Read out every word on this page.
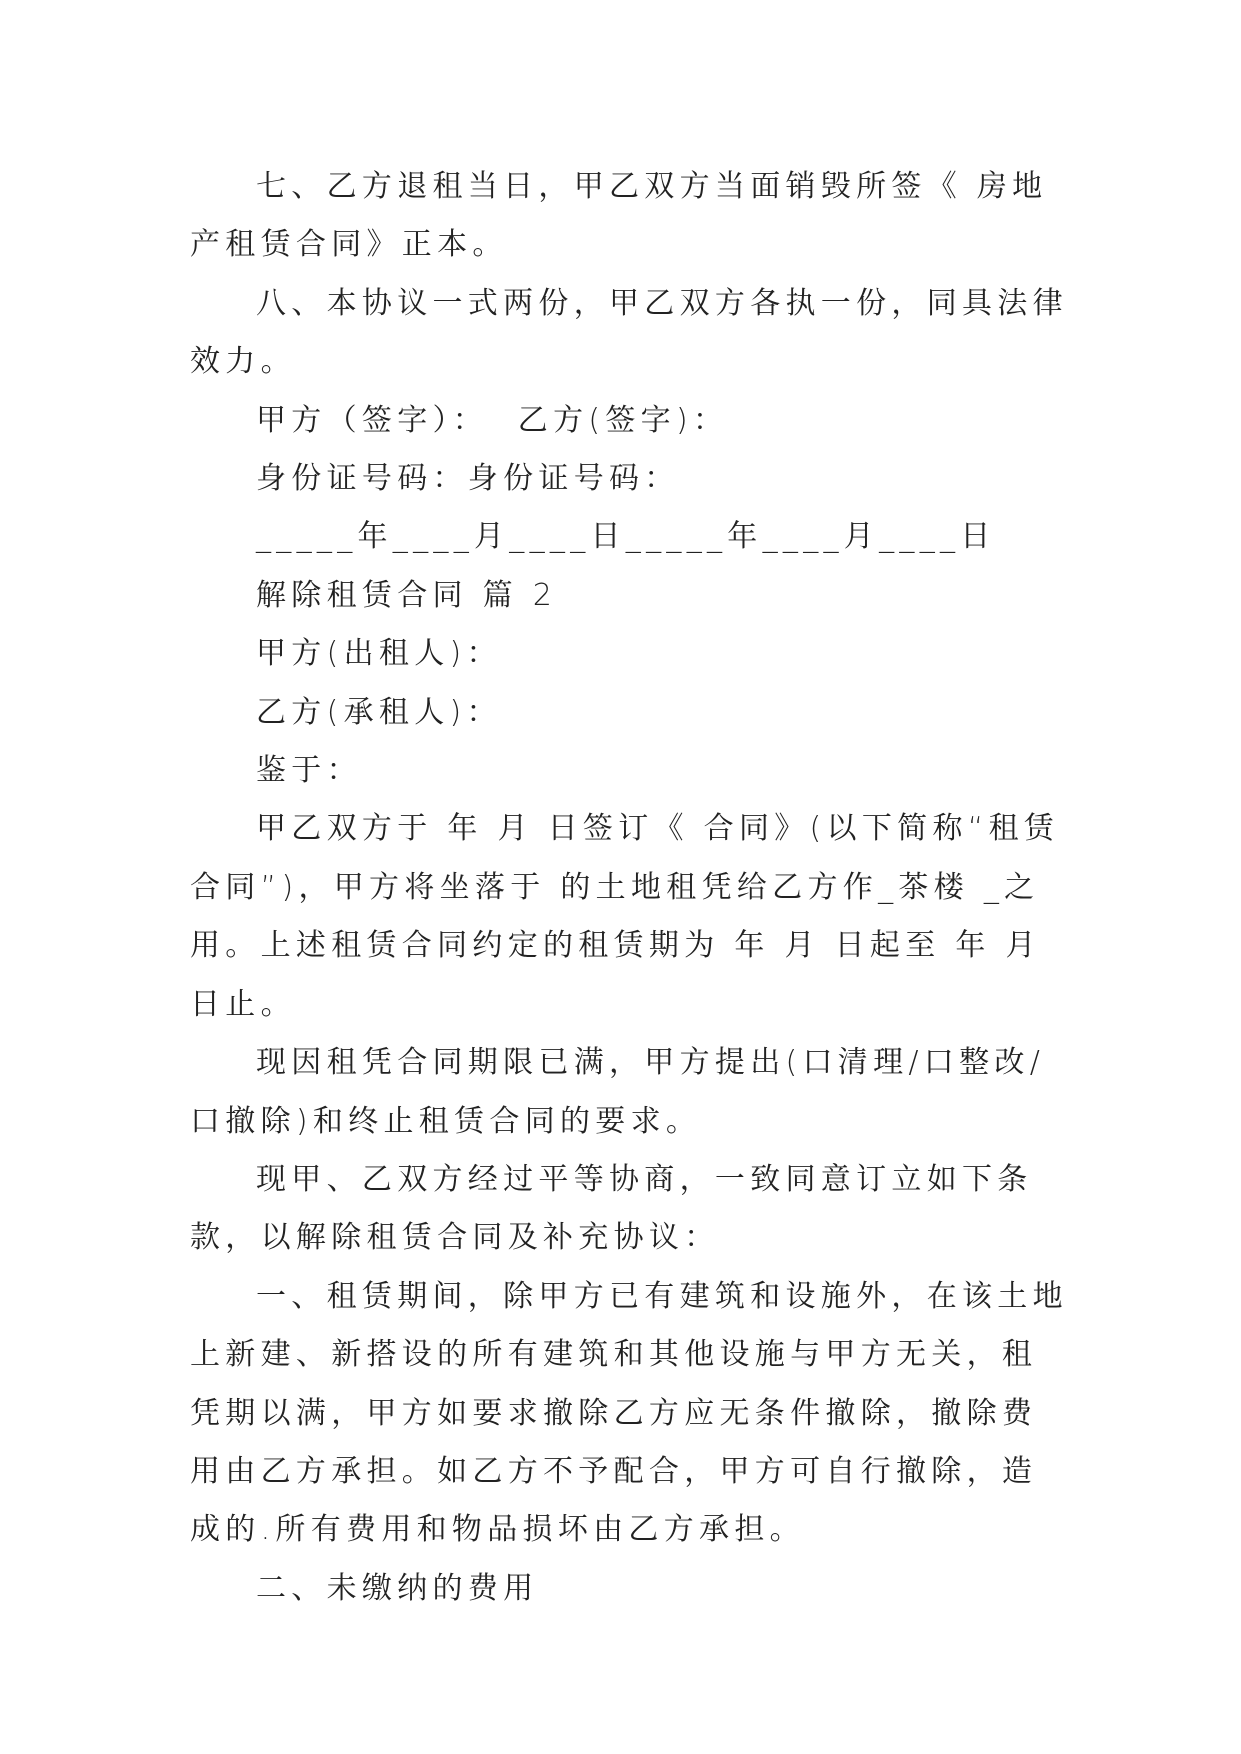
七、乙方退租当日，甲乙双方当面销毁所签《 房地产租赁合同》正本。

八、本协议一式两份，甲乙双方各执一份，同具法律效力。

甲方（签字）：  乙方(签字)：

身份证号码：身份证号码：

_____年____月____日_____年____月____日

解除租赁合同 篇 2

甲方(出租人)：

乙方(承租人)：

鉴于：

甲乙双方于 年 月 日签订《 合同》(以下简称“租赁合同”)，甲方将坐落于 的土地租凭给乙方作_茶楼 _之用。上述租赁合同约定的租赁期为 年 月 日起至 年 月 日止。

现因租凭合同期限已满，甲方提出(口清理/口整改/口撤除)和终止租赁合同的要求。

现甲、乙双方经过平等协商，一致同意订立如下条款，以解除租赁合同及补充协议：

一、租赁期间，除甲方已有建筑和设施外，在该土地上新建、新搭设的所有建筑和其他设施与甲方无关，租凭期以满，甲方如要求撤除乙方应无条件撤除，撤除费用由乙方承担。如乙方不予配合，甲方可自行撤除，造成的.所有费用和物品损坏由乙方承担。

二、未缴纳的费用
